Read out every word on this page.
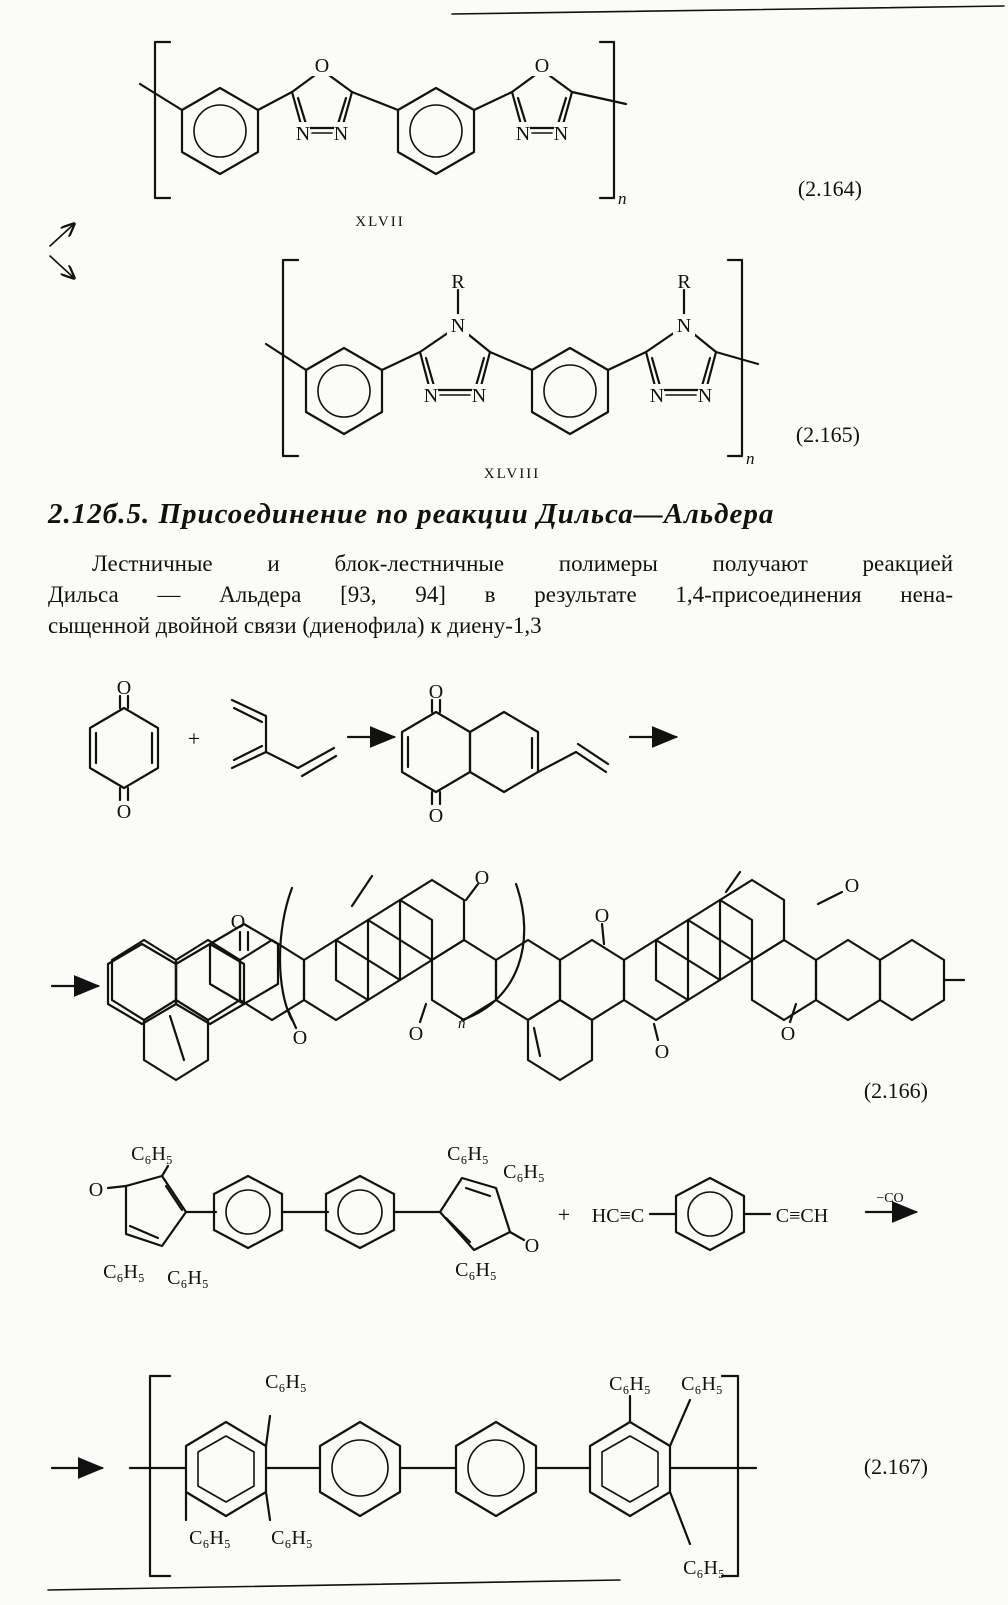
O	O
N N	N N
n
XLVII
(2.164)
R	R
N	N
N N	N N
n
XLVIII
(2.165)
O
O
+
O
O
O
O
O
O
O
O
O
O
n
(2.166)
+
C₆H₅
O
C₆H₅ C₆H₅
C₆H₅
C₆H₅
O
C₆H₅
HC≡C	C≡CH
−CO
C₆H₅
C₆H₅ C₆H₅
C₆H₅ C₆H₅
C₆H₅
(2.167)
2.12б.5. Присоединение по реакции Дильса—Альдера
Лестничные и блок-лестничные полимеры получают реакцией
Дильса — Альдера [93, 94] в результате 1,4-присоединения нена-
сыщенной двойной связи (диенофила) к диену-1,3
